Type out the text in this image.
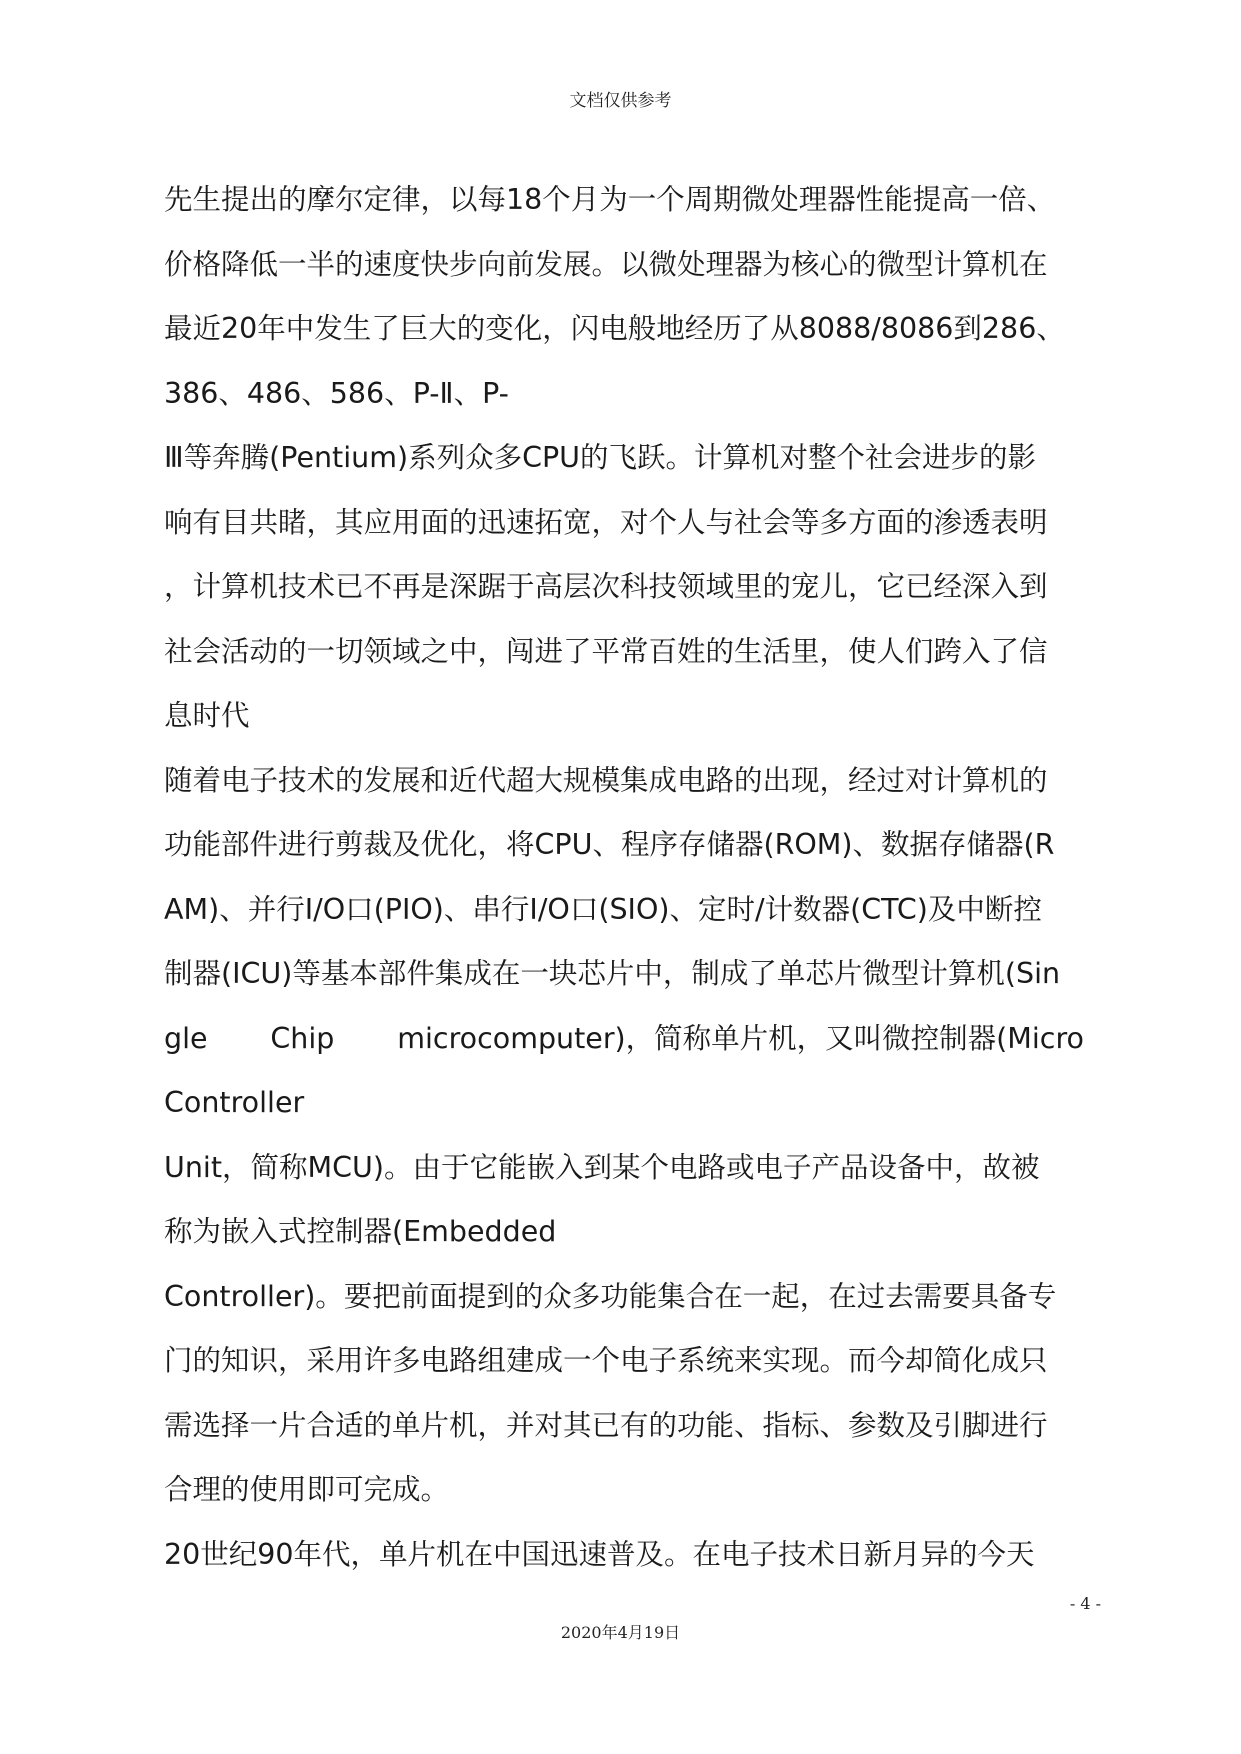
文档仅供参考
先生提出的摩尔定律，以每18个月为一个周期微处理器性能提高一倍、
价格降低一半的速度快步向前发展。以微处理器为核心的微型计算机在
最近20年中发生了巨大的变化，闪电般地经历了从8088/8086到286、
386、486、586、P-Ⅱ、P-
Ⅲ等奔腾(Pentium)系列众多CPU的飞跃。计算机对整个社会进步的影
响有目共睹，其应用面的迅速拓宽，对个人与社会等多方面的渗透表明
，计算机技术已不再是深踞于高层次科技领域里的宠儿，它已经深入到
社会活动的一切领域之中，闯进了平常百姓的生活里，使人们跨入了信
息时代
随着电子技术的发展和近代超大规模集成电路的出现，经过对计算机的
功能部件进行剪裁及优化，将CPU、程序存储器(ROM)、数据存储器(R
AM)、并行I/O口(PIO)、串行I/O口(SIO)、定时/计数器(CTC)及中断控
制器(ICU)等基本部件集成在一块芯片中，制成了单芯片微型计算机(Sin
gle Chip microcomputer)，简称单片机，又叫微控制器(Micro
Controller
Unit，简称MCU)。由于它能嵌入到某个电路或电子产品设备中，故被
称为嵌入式控制器(Embedded
Controller)。要把前面提到的众多功能集合在一起，在过去需要具备专
门的知识，采用许多电路组建成一个电子系统来实现。而今却简化成只
需选择一片合适的单片机，并对其已有的功能、指标、参数及引脚进行
合理的使用即可完成。
20世纪90年代，单片机在中国迅速普及。在电子技术日新月异的今天
- 4 -
2020年4月19日
